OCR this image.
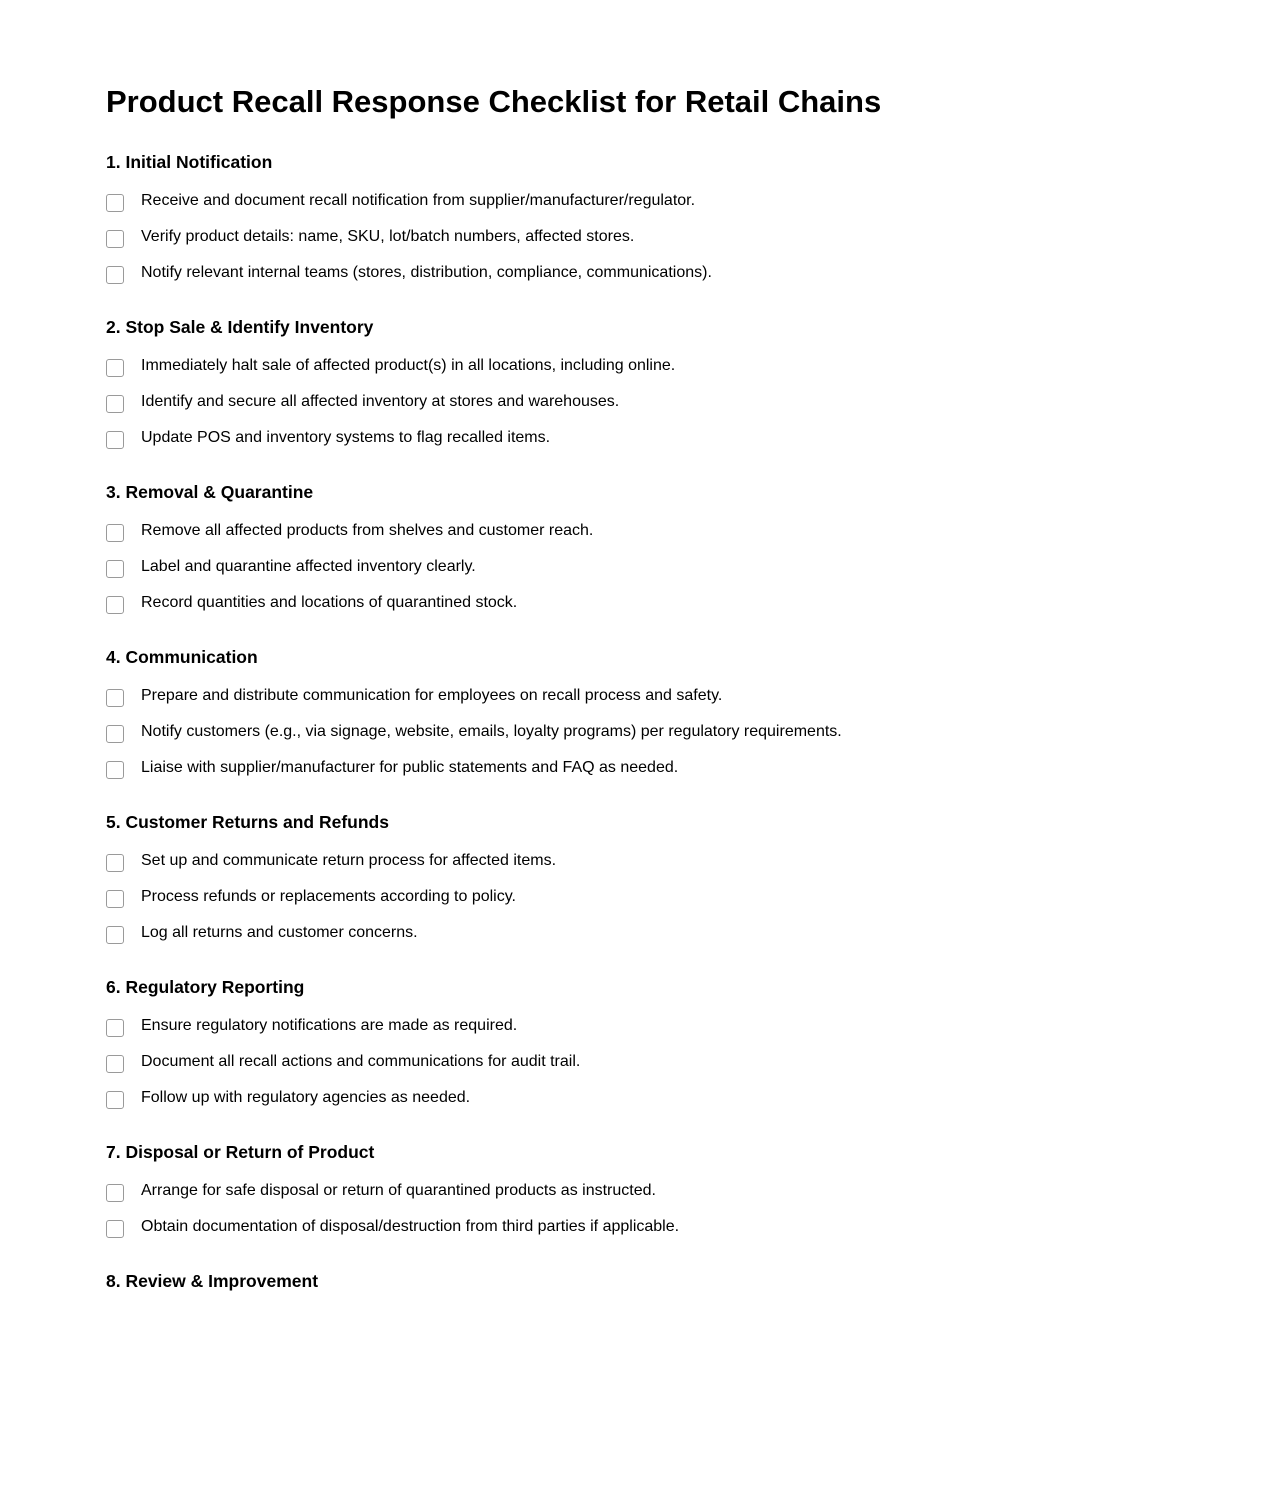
Product Recall Response Checklist for Retail Chains
1. Initial Notification
Receive and document recall notification from supplier/manufacturer/regulator.
Verify product details: name, SKU, lot/batch numbers, affected stores.
Notify relevant internal teams (stores, distribution, compliance, communications).
2. Stop Sale & Identify Inventory
Immediately halt sale of affected product(s) in all locations, including online.
Identify and secure all affected inventory at stores and warehouses.
Update POS and inventory systems to flag recalled items.
3. Removal & Quarantine
Remove all affected products from shelves and customer reach.
Label and quarantine affected inventory clearly.
Record quantities and locations of quarantined stock.
4. Communication
Prepare and distribute communication for employees on recall process and safety.
Notify customers (e.g., via signage, website, emails, loyalty programs) per regulatory requirements.
Liaise with supplier/manufacturer for public statements and FAQ as needed.
5. Customer Returns and Refunds
Set up and communicate return process for affected items.
Process refunds or replacements according to policy.
Log all returns and customer concerns.
6. Regulatory Reporting
Ensure regulatory notifications are made as required.
Document all recall actions and communications for audit trail.
Follow up with regulatory agencies as needed.
7. Disposal or Return of Product
Arrange for safe disposal or return of quarantined products as instructed.
Obtain documentation of disposal/destruction from third parties if applicable.
8. Review & Improvement
